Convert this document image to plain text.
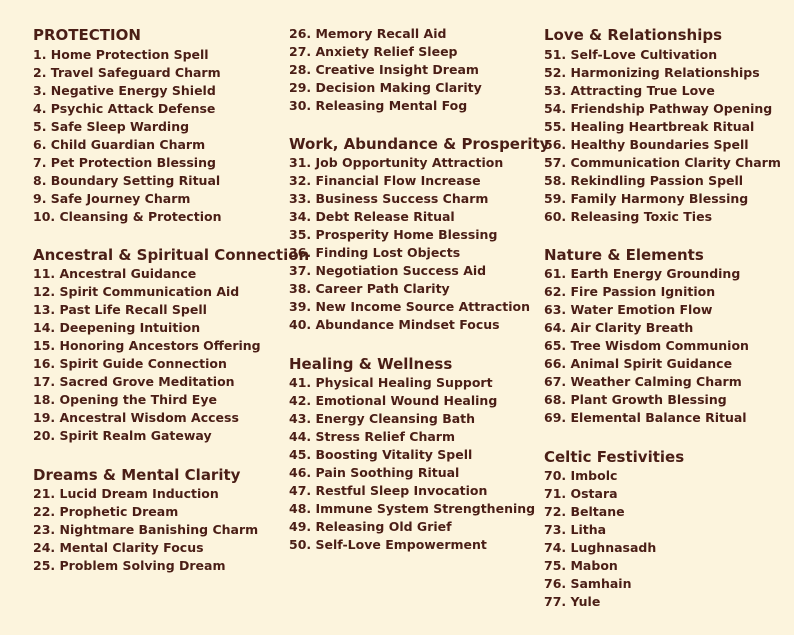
PROTECTION
1. Home Protection Spell
2. Travel Safeguard Charm
3. Negative Energy Shield
4. Psychic Attack Defense
5. Safe Sleep Warding
6. Child Guardian Charm
7. Pet Protection Blessing
8. Boundary Setting Ritual
9. Safe Journey Charm
10. Cleansing & Protection
Ancestral & Spiritual Connection
11. Ancestral Guidance
12. Spirit Communication Aid
13. Past Life Recall Spell
14. Deepening Intuition
15. Honoring Ancestors Offering
16. Spirit Guide Connection
17. Sacred Grove Meditation
18. Opening the Third Eye
19. Ancestral Wisdom Access
20. Spirit Realm Gateway
Dreams & Mental Clarity
21. Lucid Dream Induction
22. Prophetic Dream
23. Nightmare Banishing Charm
24. Mental Clarity Focus
25. Problem Solving Dream
26. Memory Recall Aid
27. Anxiety Relief Sleep
28. Creative Insight Dream
29. Decision Making Clarity
30. Releasing Mental Fog
Work, Abundance & Prosperity
31. Job Opportunity Attraction
32. Financial Flow Increase
33. Business Success Charm
34. Debt Release Ritual
35. Prosperity Home Blessing
36. Finding Lost Objects
37. Negotiation Success Aid
38. Career Path Clarity
39. New Income Source Attraction
40. Abundance Mindset Focus
Healing & Wellness
41. Physical Healing Support
42. Emotional Wound Healing
43. Energy Cleansing Bath
44. Stress Relief Charm
45. Boosting Vitality Spell
46. Pain Soothing Ritual
47. Restful Sleep Invocation
48. Immune System Strengthening
49. Releasing Old Grief
50. Self-Love Empowerment
Love & Relationships
51. Self-Love Cultivation
52. Harmonizing Relationships
53. Attracting True Love
54. Friendship Pathway Opening
55. Healing Heartbreak Ritual
56. Healthy Boundaries Spell
57. Communication Clarity Charm
58. Rekindling Passion Spell
59. Family Harmony Blessing
60. Releasing Toxic Ties
Nature & Elements
61. Earth Energy Grounding
62. Fire Passion Ignition
63. Water Emotion Flow
64. Air Clarity Breath
65. Tree Wisdom Communion
66. Animal Spirit Guidance
67. Weather Calming Charm
68. Plant Growth Blessing
69. Elemental Balance Ritual
Celtic Festivities
70. Imbolc
71. Ostara
72. Beltane
73. Litha
74. Lughnasadh
75. Mabon
76. Samhain
77. Yule
